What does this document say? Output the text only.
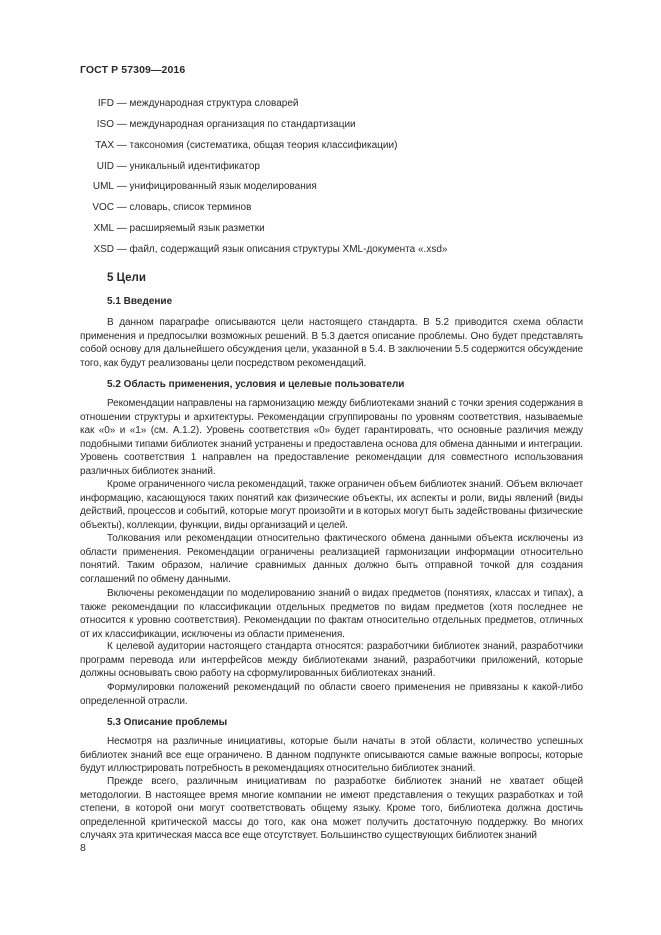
ГОСТ Р 57309—2016
IFD — международная структура словарей
ISO — международная организация по стандартизации
TAX — таксономия (систематика, общая теория классификации)
UID — уникальный идентификатор
UML — унифицированный язык моделирования
VOC — словарь, список терминов
XML — расширяемый язык разметки
XSD — файл, содержащий язык описания структуры XML-документа «.xsd»
5 Цели
5.1 Введение

В данном параграфе описываются цели настоящего стандарта. В 5.2 приводится схема области применения и предпосылки возможных решений. В 5.3 дается описание проблемы. Оно будет представлять собой основу для дальнейшего обсуждения цели, указанной в 5.4. В заключении 5.5 содержится обсуждение того, как будут реализованы цели посредством рекомендаций.

5.2 Область применения, условия и целевые пользователи

Рекомендации направлены на гармонизацию между библиотеками знаний с точки зрения содержания в отношении структуры и архитектуры. Рекомендации сгруппированы по уровням соответствия, называемые как «0» и «1» (см. А.1.2). Уровень соответствия «0» будет гарантировать, что основные различия между подобными типами библиотек знаний устранены и предоставлена основа для обмена данными и интеграции. Уровень соответствия 1 направлен на предоставление рекомендации для совместного использования различных библиотек знаний.

Кроме ограниченного числа рекомендаций, также ограничен объем библиотек знаний. Объем включает информацию, касающуюся таких понятий как физические объекты, их аспекты и роли, виды явлений (виды действий, процессов и событий, которые могут произойти и в которых могут быть задействованы физические объекты), коллекции, функции, виды организаций и целей.

Толкования или рекомендации относительно фактического обмена данными объекта исключены из области применения. Рекомендации ограничены реализацией гармонизации информации относительно понятий. Таким образом, наличие сравнимых данных должно быть отправной точкой для создания соглашений по обмену данными.

Включены рекомендации по моделированию знаний о видах предметов (понятиях, классах и типах), а также рекомендации по классификации отдельных предметов по видам предметов (хотя последнее не относится к уровню соответствия). Рекомендации по фактам относительно отдельных предметов, отличных от их классификации, исключены из области применения.

К целевой аудитории настоящего стандарта относятся: разработчики библиотек знаний, разработчики программ перевода или интерфейсов между библиотеками знаний, разработчики приложений, которые должны основывать свою работу на сформулированных библиотеках знаний.

Формулировки положений рекомендаций по области своего применения не привязаны к какой-либо определенной отрасли.

5.3 Описание проблемы

Несмотря на различные инициативы, которые были начаты в этой области, количество успешных библиотек знаний все еще ограничено. В данном подпункте описываются самые важные вопросы, которые будут иллюстрировать потребность в рекомендациях относительно библиотек знаний.

Прежде всего, различным инициативам по разработке библиотек знаний не хватает общей методологии. В настоящее время многие компании не имеют представления о текущих разработках и той степени, в которой они могут соответствовать общему языку. Кроме того, библиотека должна достичь определенной критической массы до того, как она может получить достаточную поддержку. Во многих случаях эта критическая масса все еще отсутствует. Большинство существующих библиотек знаний

8
